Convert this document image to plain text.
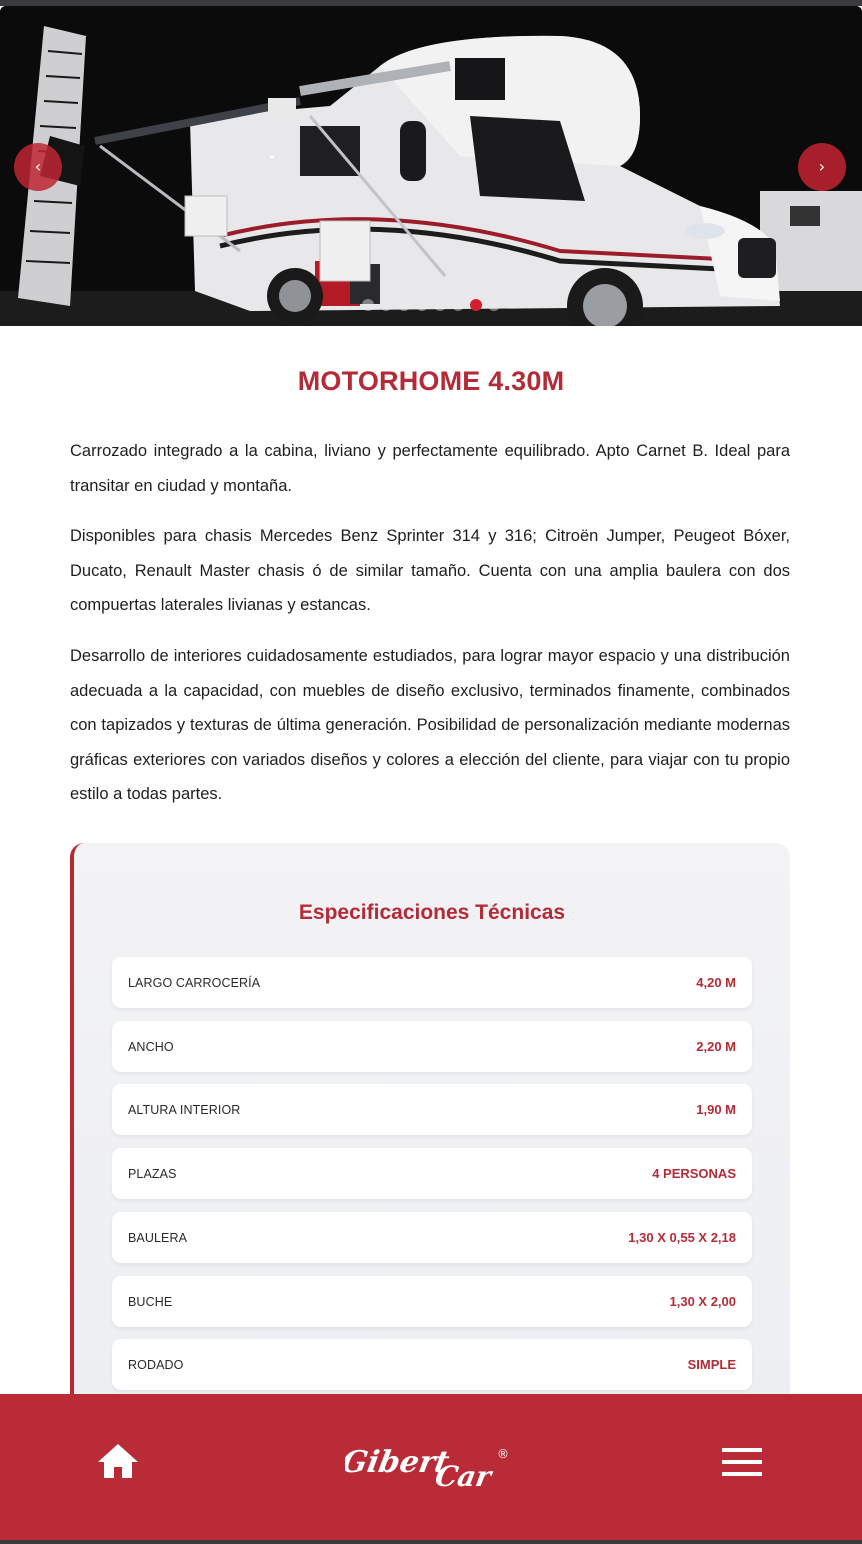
‹	›
MOTORHOME 4.30M

Carrozado integrado a la cabina, liviano y perfectamente equilibrado. Apto Carnet B. Ideal para transitar en ciudad y montaña.

Disponibles para chasis Mercedes Benz Sprinter 314 y 316; Citroën Jumper, Peugeot Bóxer, Ducato, Renault Master chasis ó de similar tamaño. Cuenta con una amplia baulera con dos compuertas laterales livianas y estancas.

Desarrollo de interiores cuidadosamente estudiados, para lograr mayor espacio y una distribución adecuada a la capacidad, con muebles de diseño exclusivo, terminados finamente, combinados con tapizados y texturas de última generación. Posibilidad de personalización mediante modernas gráficas exteriores con variados diseños y colores a elección del cliente, para viajar con tu propio estilo a todas partes.

Especificaciones Técnicas
LARGO CARROCERÍA	4,20 M
ANCHO	2,20 M
ALTURA INTERIOR	1,90 M
PLAZAS	4 PERSONAS
BAULERA	1,30 X 0,55 X 2,18
BUCHE	1,30 X 2,00
RODADO	SIMPLE
Gibert
Car
®
